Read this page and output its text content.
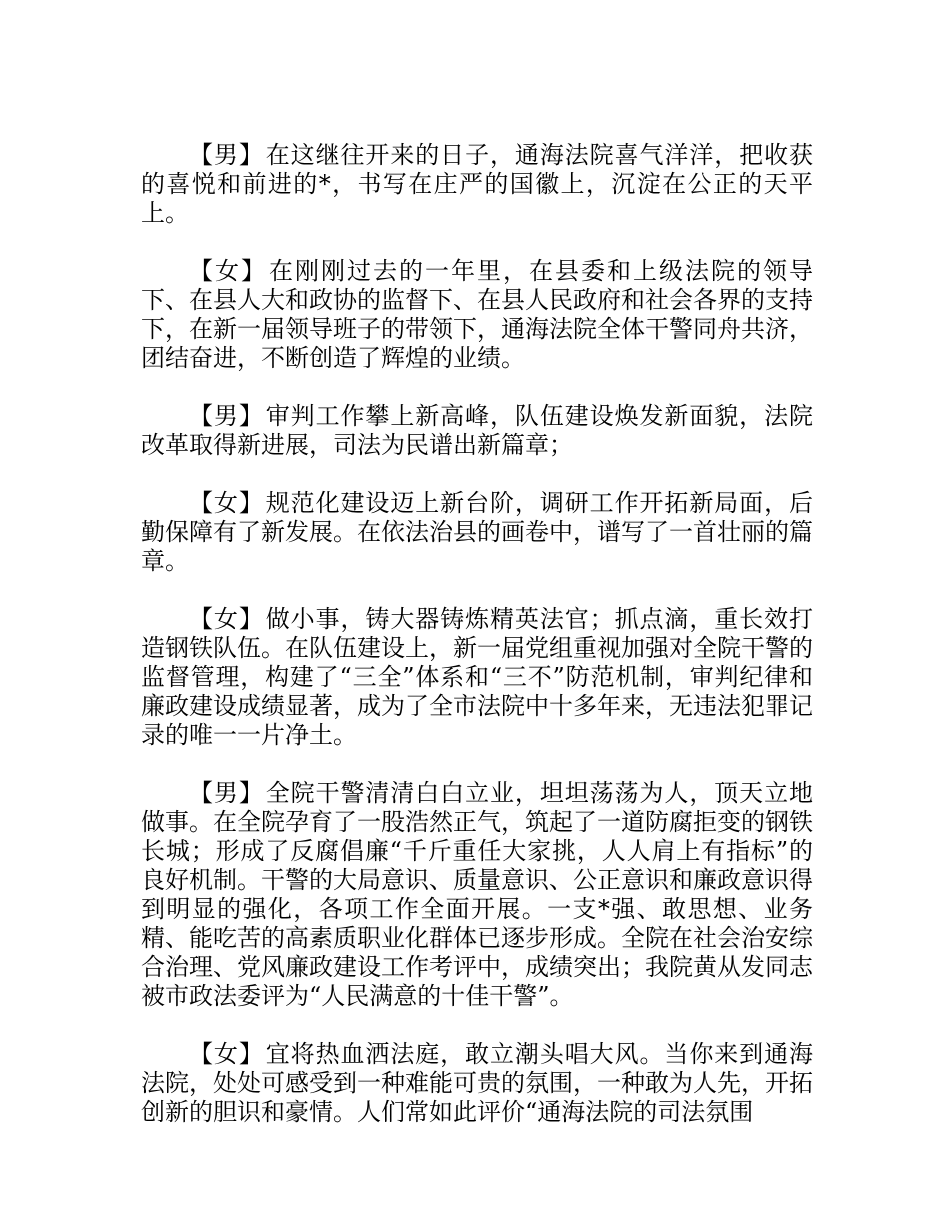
【男】在这继往开来的日子，通海法院喜气洋洋，把收获的喜悦和前进的*，书写在庄严的国徽上，沉淀在公正的天平上。

【女】在刚刚过去的一年里，在县委和上级法院的领导下、在县人大和政协的监督下、在县人民政府和社会各界的支持下，在新一届领导班子的带领下，通海法院全体干警同舟共济，团结奋进，不断创造了辉煌的业绩。

【男】审判工作攀上新高峰，队伍建设焕发新面貌，法院改革取得新进展，司法为民谱出新篇章；

【女】规范化建设迈上新台阶，调研工作开拓新局面，后勤保障有了新发展。在依法治县的画卷中，谱写了一首壮丽的篇章。

【女】做小事，铸大器铸炼精英法官；抓点滴，重长效打造钢铁队伍。在队伍建设上，新一届党组重视加强对全院干警的监督管理，构建了“三全”体系和“三不”防范机制，审判纪律和廉政建设成绩显著，成为了全市法院中十多年来，无违法犯罪记录的唯一一片净土。

【男】全院干警清清白白立业，坦坦荡荡为人，顶天立地做事。在全院孕育了一股浩然正气，筑起了一道防腐拒变的钢铁长城；形成了反腐倡廉“千斤重任大家挑，人人肩上有指标”的良好机制。干警的大局意识、质量意识、公正意识和廉政意识得到明显的强化，各项工作全面开展。一支*强、敢思想、业务精、能吃苦的高素质职业化群体已逐步形成。全院在社会治安综合治理、党风廉政建设工作考评中，成绩突出；我院黄从发同志被市政法委评为“人民满意的十佳干警”。

【女】宜将热血洒法庭，敢立潮头唱大风。当你来到通海法院，处处可感受到一种难能可贵的氛围，一种敢为人先，开拓创新的胆识和豪情。人们常如此评价“通海法院的司法氛围
